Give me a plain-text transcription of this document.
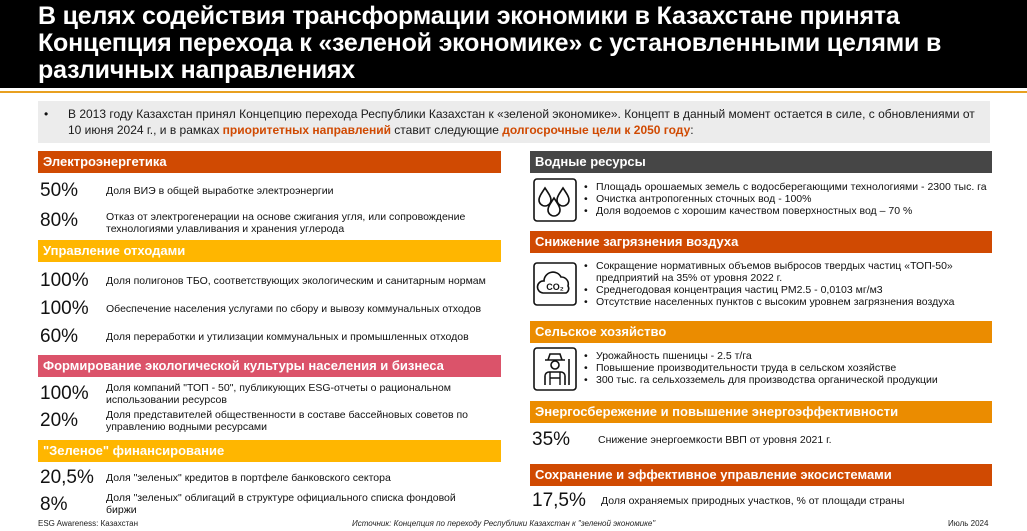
В целях содействия трансформации экономики в Казахстане принята Концепция перехода к «зеленой экономике» с установленными целями в различных направлениях
• В 2013 году Казахстан принял Концепцию перехода Республики Казахстан к «зеленой экономике». Концепт в данный момент остается в силе, с обновлениями от 10 июня 2024 г., и в рамках приоритетных направлений ставит следующие долгосрочные цели к 2050 году:
Электроэнергетика
50%	Доля ВИЭ в общей выработке электроэнергии
80%	Отказ от электрогенерации на основе сжигания угля, или сопровождение технологиями улавливания и хранения углерода
Управление отходами
100% Доля полигонов ТБО, соответствующих экологическим и санитарным нормам
100% Обеспечение населения услугами по сбору и вывозу коммунальных отходов
60%	Доля переработки и утилизации коммунальных и промышленных отходов
Формирование экологической культуры населения и бизнеса
100% Доля компаний "ТОП - 50", публикующих ESG-отчеты о рациональном использовании ресурсов
20%	Доля представителей общественности в составе бассейновых советов по управлению водными ресурсами
"Зеленое" финансирование
20,5% Доля "зеленых" кредитов в портфеле банковского сектора
8%	Доля "зеленых" облигаций в структуре официального списка фондовой биржи
Водные ресурсы
• Площадь орошаемых земель с водосберегающими технологиями - 2300 тыс. га
• Очистка антропогенных сточных вод - 100%
• Доля водоемов с хорошим качеством поверхностных вод – 70 %
Снижение загрязнения воздуха
CO₂
• Сокращение нормативных объемов выбросов твердых частиц «ТОП-50» предприятий на 35% от уровня 2022 г.
• Среднегодовая концентрация частиц PM2.5 - 0,0103 мг/м3
• Отсутствие населенных пунктов с высоким уровнем загрязнения воздуха
Сельское хозяйство
• Урожайность пшеницы - 2.5 т/га
• Повышение производительности труда в сельском хозяйстве
• 300 тыс. га сельхозземель для производства органической продукции
Энергосбережение и повышение энергоэффективности
35%	Снижение энергоемкости ВВП от уровня 2021 г.
Сохранение и эффективное управление экосистемами
17,5% Доля охраняемых природных участков, % от площади страны
ESG Awareness: Казахстан	Источник: Концепция по переходу Республики Казахстан к "зеленой экономике"	Июль 2024
